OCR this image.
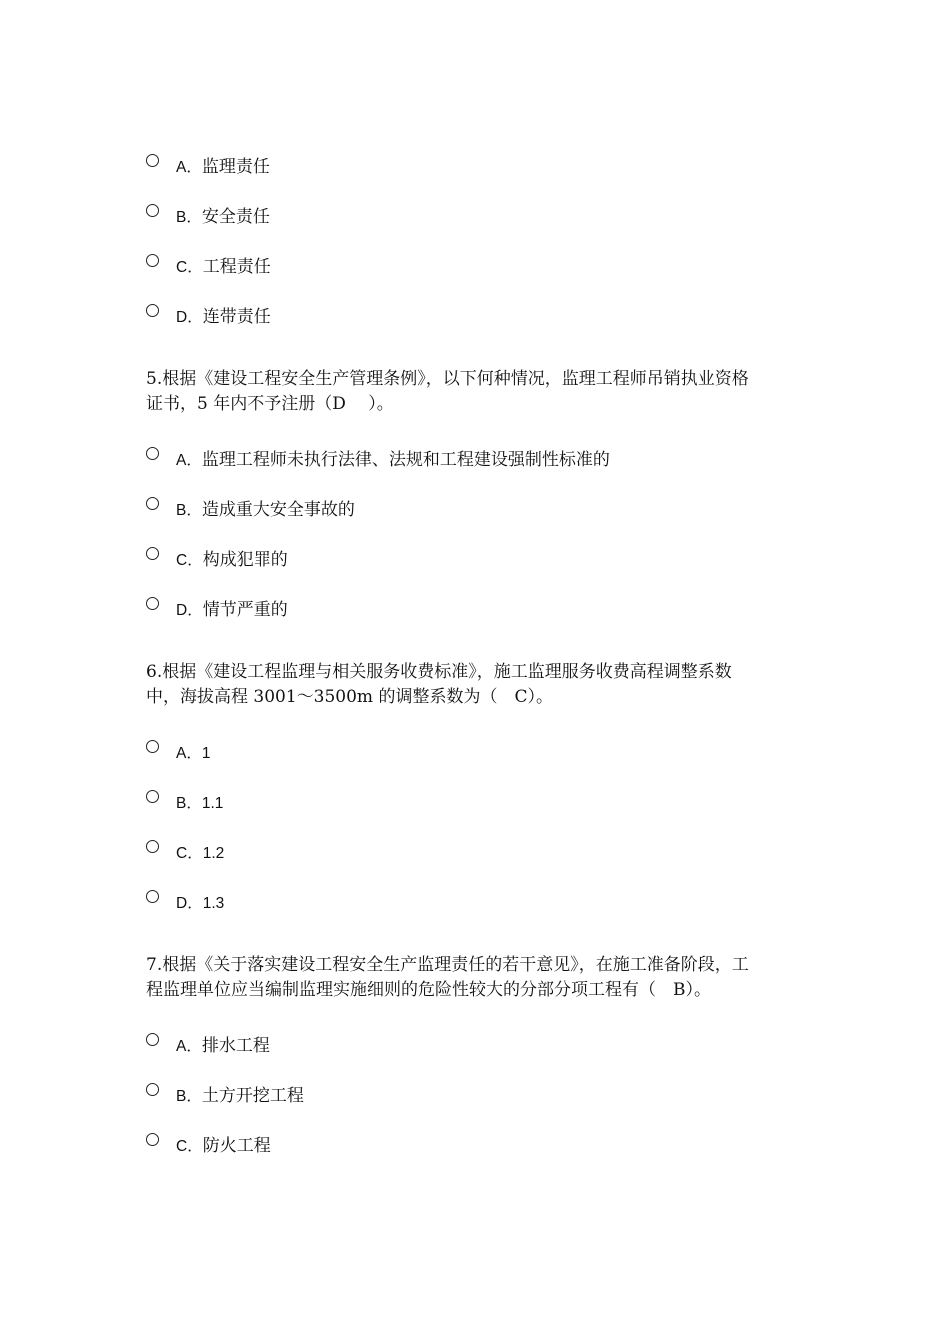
A．监理责任
B．安全责任
C．工程责任
D．连带责任

5.根据《建设工程安全生产管理条例》，以下何种情况，监理工程师吊销执业资格
证书，5 年内不予注册（D　 ）。

A．监理工程师未执行法律、法规和工程建设强制性标准的
B．造成重大安全事故的
C．构成犯罪的
D．情节严重的

6.根据《建设工程监理与相关服务收费标准》，施工监理服务收费高程调整系数
中，海拔高程 3001～3500m 的调整系数为（　C）。

A．1
B．1.1
C．1.2
D．1.3

7.根据《关于落实建设工程安全生产监理责任的若干意见》，在施工准备阶段，工
程监理单位应当编制监理实施细则的危险性较大的分部分项工程有（　B）。

A．排水工程
B．土方开挖工程
C．防火工程
